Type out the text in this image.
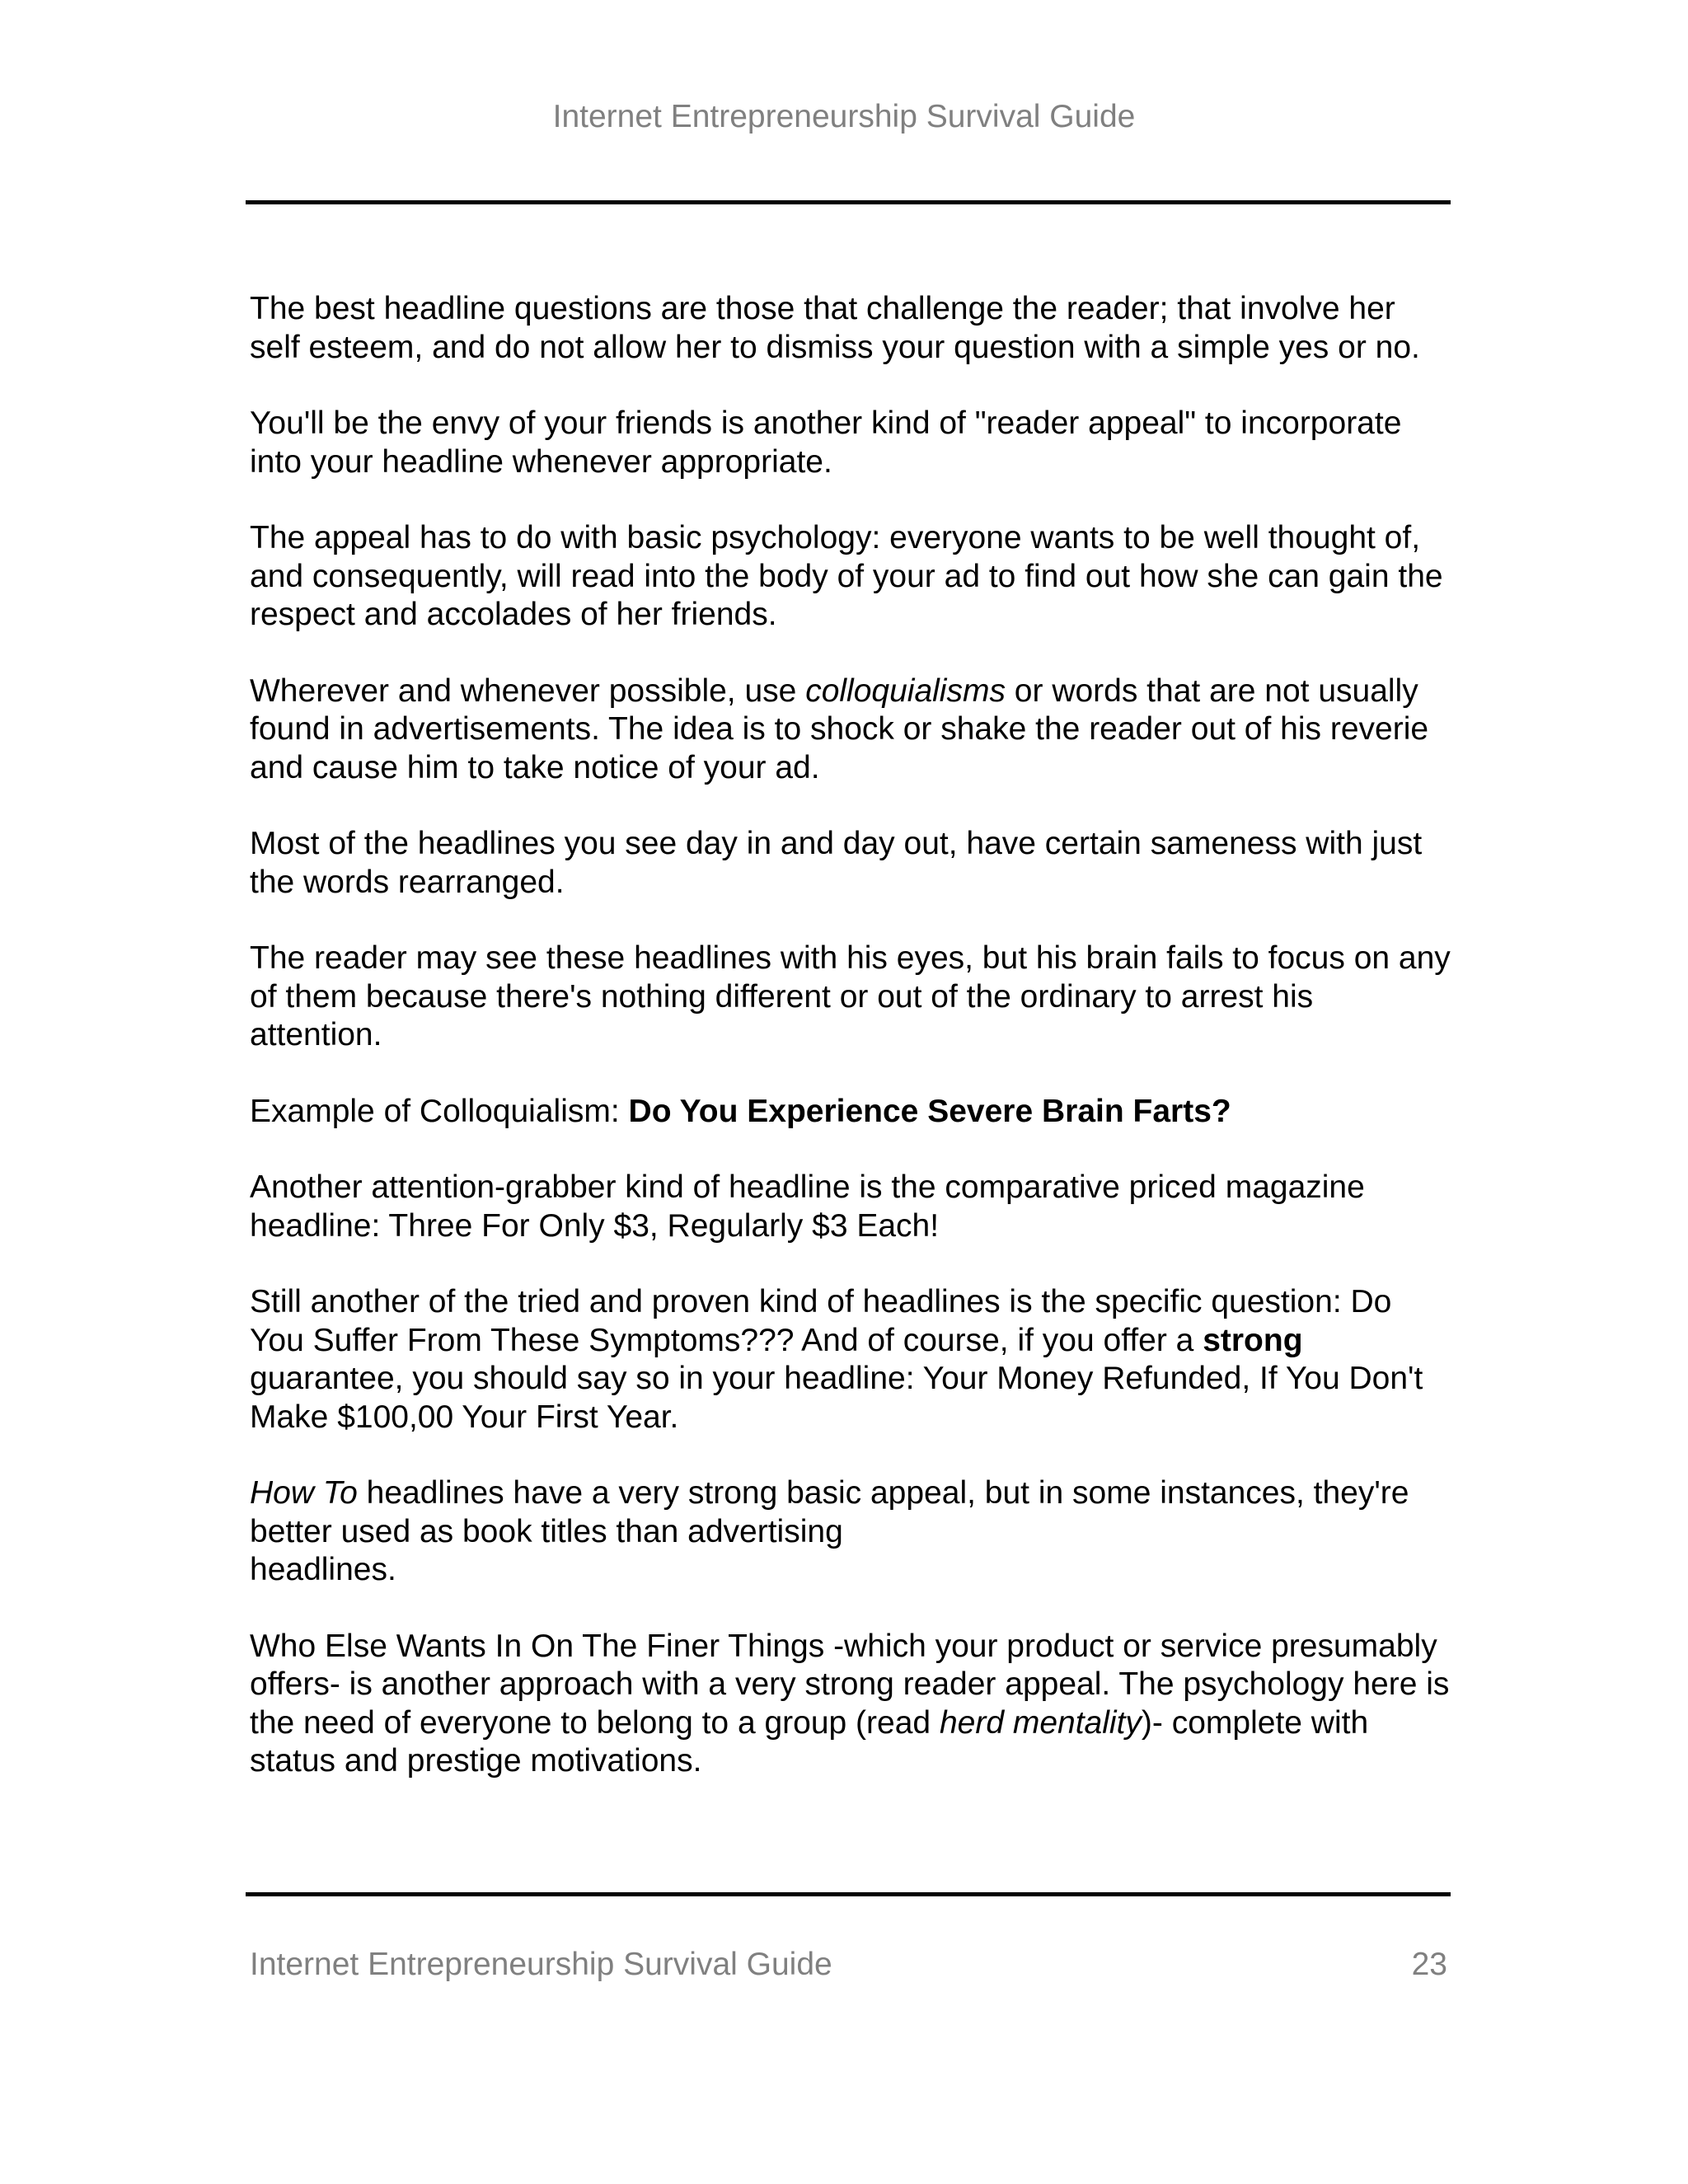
Internet Entrepreneurship Survival Guide

The best headline questions are those that challenge the reader; that involve her self esteem, and do not allow her to dismiss your question with a simple yes or no.

You'll be the envy of your friends is another kind of "reader appeal" to incorporate into your headline whenever appropriate.

The appeal has to do with basic psychology: everyone wants to be well thought of, and consequently, will read into the body of your ad to find out how she can gain the respect and accolades of her friends.

Wherever and whenever possible, use colloquialisms or words that are not usually found in advertisements. The idea is to shock or shake the reader out of his reverie and cause him to take notice of your ad.

Most of the headlines you see day in and day out, have certain sameness with just the words rearranged.

The reader may see these headlines with his eyes, but his brain fails to focus on any of them because there's nothing different or out of the ordinary to arrest his attention.

Example of Colloquialism: Do You Experience Severe Brain Farts?

Another attention-grabber kind of headline is the comparative priced magazine headline: Three For Only $3, Regularly $3 Each!

Still another of the tried and proven kind of headlines is the specific question: Do You Suffer From These Symptoms??? And of course, if you offer a strong guarantee, you should say so in your headline: Your Money Refunded, If You Don't Make $100,00 Your First Year.

How To headlines have a very strong basic appeal, but in some instances, they're better used as book titles than advertising
headlines.

Who Else Wants In On The Finer Things -which your product or service presumably offers- is another approach with a very strong reader appeal. The psychology here is the need of everyone to belong to a group (read herd mentality)- complete with status and prestige motivations.

Internet Entrepreneurship Survival Guide	23
